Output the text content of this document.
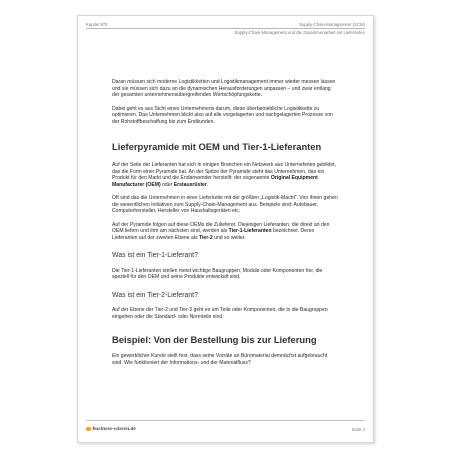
Kapitel 870	Supply-Chain-Management (SCM)
Supply-Chain-Management und die Zusammenarbeit mit Lieferanten

Daran müssen sich moderne Logistikketten und Logistikmanagement immer wieder messen lassen und sie müssen sich dazu an die dynamischen Herausforderungen anpassen – und zwar entlang der gesamten unternehmensübergreifenden Wertschöpfungskette.

Dabei geht es aus Sicht eines Unternehmens darum, diese überbetriebliche Logistikkette zu optimieren. Das Unternehmen blickt also auf alle vorgelagerten und nachgelagerten Prozesse von der Rohstoffbeschaffung bis zum Endkunden.

Lieferpyramide mit OEM und Tier-1-Lieferanten

Auf der Seite der Lieferanten hat sich in einigen Branchen ein Netzwerk aus Unternehmen gebildet, das die Form einer Pyramide hat. An der Spitze der Pyramide steht das Unternehmen, das ein Produkt für den Markt und die Endanwender herstellt: der sogenannte Original Equipment Manufacturer (OEM) oder Erstausrüster.

Oft sind das die Unternehmen in einer Lieferkette mit der größten „Logistik-Macht“. Von ihnen gehen die wesentlichen Initiativen zum Supply-Chain-Management aus. Beispiele sind: Autobauer, Computerhersteller, Hersteller von Haushaltsgeräten etc.

Auf der Pyramide folgen auf diese OEMs die Zulieferer. Diejenigen Lieferanten, die direkt an den OEM liefern und ihm am nächsten sind, werden als Tier-1-Lieferanten bezeichnet. Deren Lieferanten auf der zweiten Ebene als Tier-2 und so weiter.

Was ist ein Tier-1-Lieferant?

Die Tier-1-Lieferanten stellen meist wichtige Baugruppen, Module oder Komponenten her, die speziell für den OEM und seine Produkte entwickelt sind.

Was ist ein Tier-2-Lieferant?

Auf der Ebene der Tier-2 und Tier-3 geht es um Teile oder Komponenten, die in die Baugruppen eingehen oder die Standard- oder Normteile sind.

Beispiel: Von der Bestellung bis zur Lieferung

Ein gewerblicher Kunde stellt fest, dass seine Vorräte an Büromaterial demnächst aufgebraucht sind. Wie funktioniert der Informations- und der Materialfluss?

business-wissen.de	Seite 4
